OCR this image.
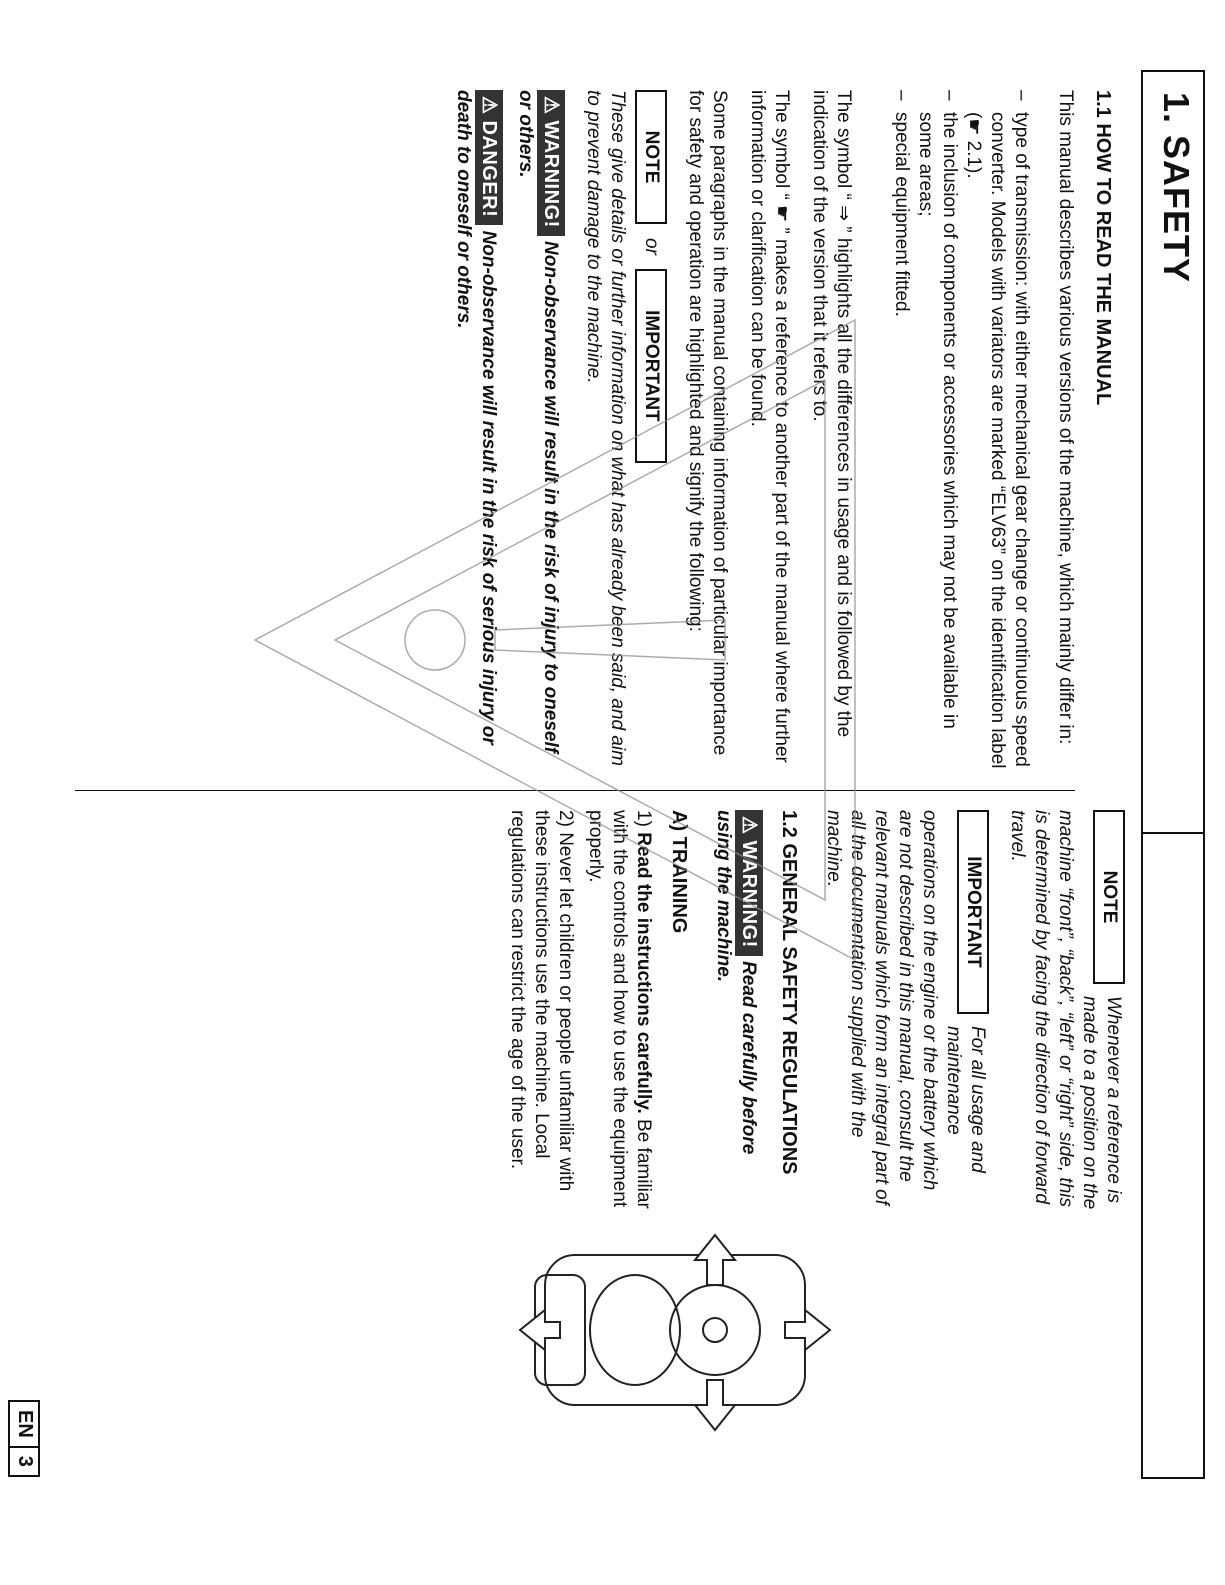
1. SAFETY
1.1 HOW TO READ THE MANUAL

This manual describes various versions of the machine, which mainly differ in:

–
type of transmission: with either mechanical gear change or continuous speed converter. Models with variators are marked “ELV63” on the identification label (☛ 2.1).
–
the inclusion of components or accessories which may not be available in some areas;
–
special equipment fitted.

The symbol “ ⇒ ” highlights all the differences in usage and is followed by the indication of the version that it refers to.

The symbol “ ☛ ” makes a reference to another part of the manual where further information or clarification can be found.

Some paragraphs in the manual containing information of particular importance for safety and operation are highlighted and signify the following:

NOTE
or
IMPORTANT

These give details or further information on what has already been said, and aim to prevent damage to the machine.

⚠WARNING! Non-observance will result in the risk of injury to oneself or others.
⚠DANGER! Non-observance will result in the risk of serious injury or death to oneself or others.
NOTE
Whenever a reference is made to a position on the machine “front”, “back”, “left” or “right” side, this is determined by facing the direction of forward travel.
IMPORTANT
For all usage and maintenance operations on the engine or the battery which are not described in this manual, consult the relevant manuals which form an integral part of all the documentation supplied with the machine.
1.2 GENERAL SAFETY REGULATIONS
⚠WARNING! Read carefully before using the machine.
A) TRAINING
1) Read the instructions carefully. Be familiar with the controls and how to use the equipment properly.
2) Never let children or people unfamiliar with these instructions use the machine. Local regulations can restrict the age of the user.
EN
3
